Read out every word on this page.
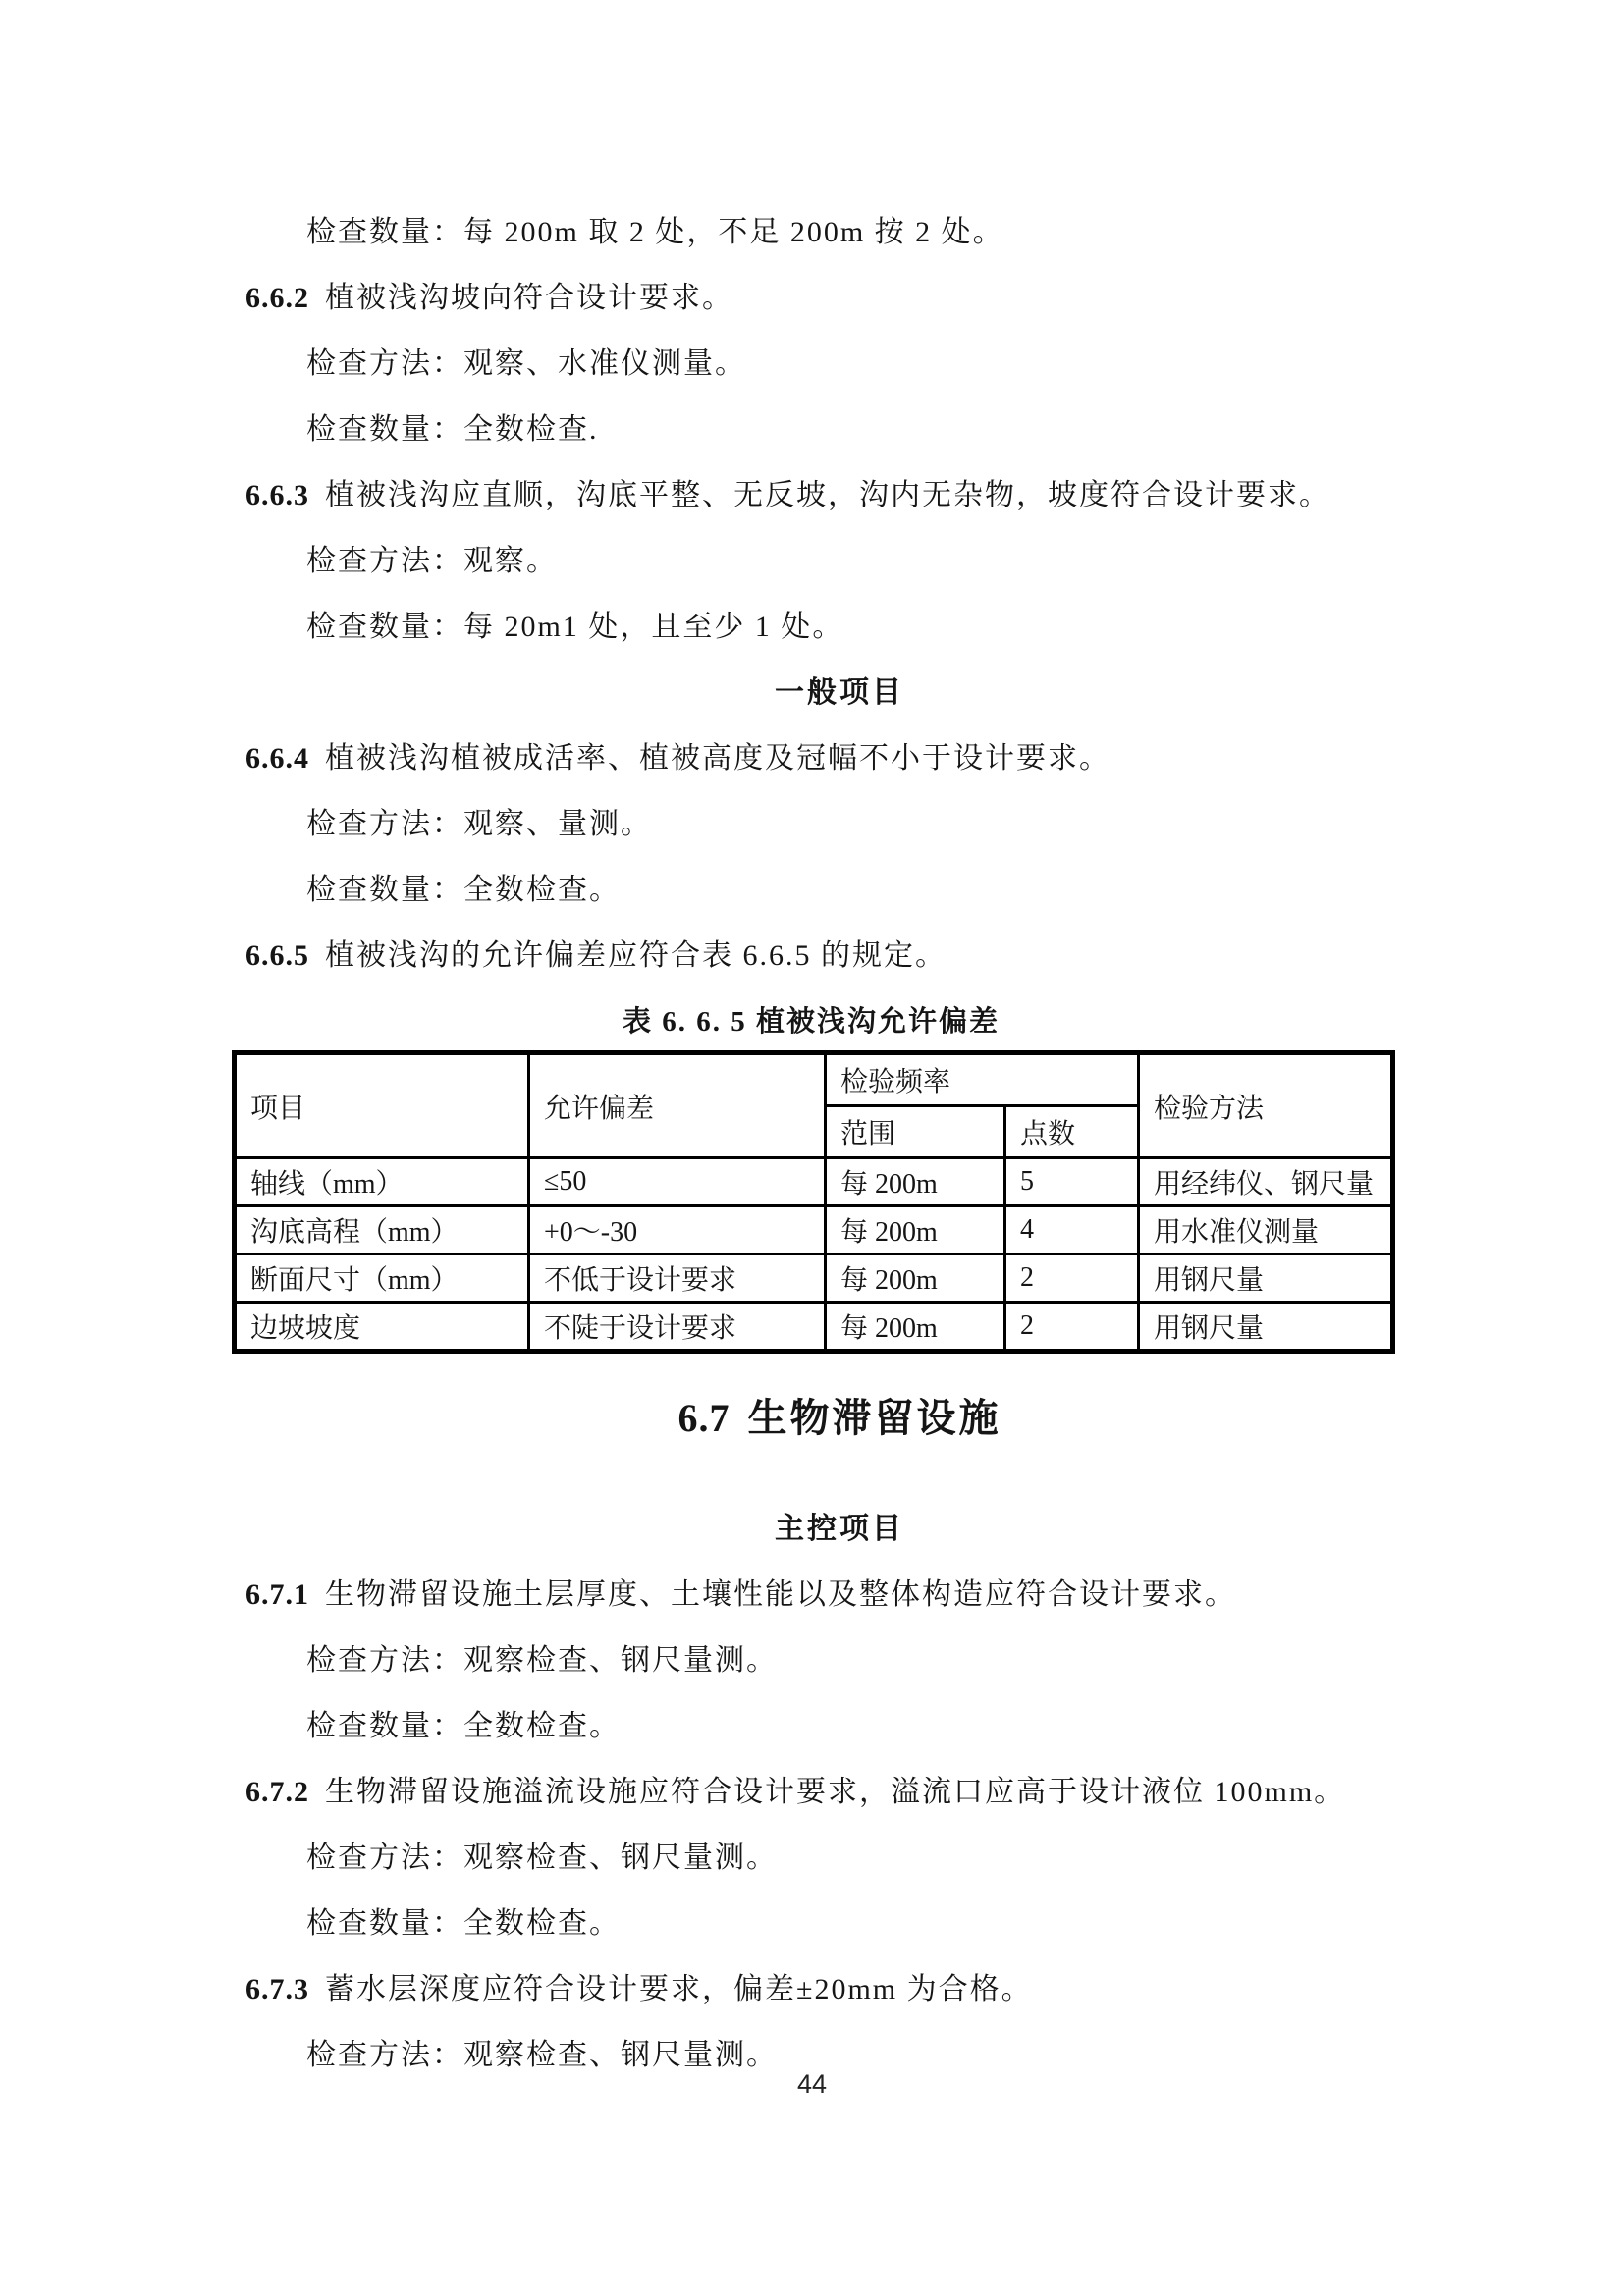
检查数量：每 200m 取 2 处，不足 200m 按 2 处。

6.6.2 植被浅沟坡向符合设计要求。

检查方法：观察、水准仪测量。

检查数量：全数检查.

6.6.3 植被浅沟应直顺，沟底平整、无反坡，沟内无杂物，坡度符合设计要求。

检查方法：观察。

检查数量：每 20m1 处，且至少 1 处。

一般项目

6.6.4 植被浅沟植被成活率、植被高度及冠幅不小于设计要求。

检查方法：观察、量测。

检查数量：全数检查。

6.6.5 植被浅沟的允许偏差应符合表 6.6.5 的规定。

表 6. 6. 5 植被浅沟允许偏差
项目	允许偏差	检验频率		检验方法
		范围	点数	
轴线（mm）	≤50	每 200m	5	用经纬仪、钢尺量
沟底高程（mm）	+0～-30	每 200m	4	用水准仪测量
断面尺寸（mm）	不低于设计要求	每 200m	2	用钢尺量
边坡坡度	不陡于设计要求	每 200m	2	用钢尺量
6.7 生物滞留设施
主控项目

6.7.1 生物滞留设施土层厚度、土壤性能以及整体构造应符合设计要求。

检查方法：观察检查、钢尺量测。

检查数量：全数检查。

6.7.2 生物滞留设施溢流设施应符合设计要求，溢流口应高于设计液位 100mm。

检查方法：观察检查、钢尺量测。

检查数量：全数检查。

6.7.3 蓄水层深度应符合设计要求，偏差±20mm 为合格。

检查方法：观察检查、钢尺量测。

44
